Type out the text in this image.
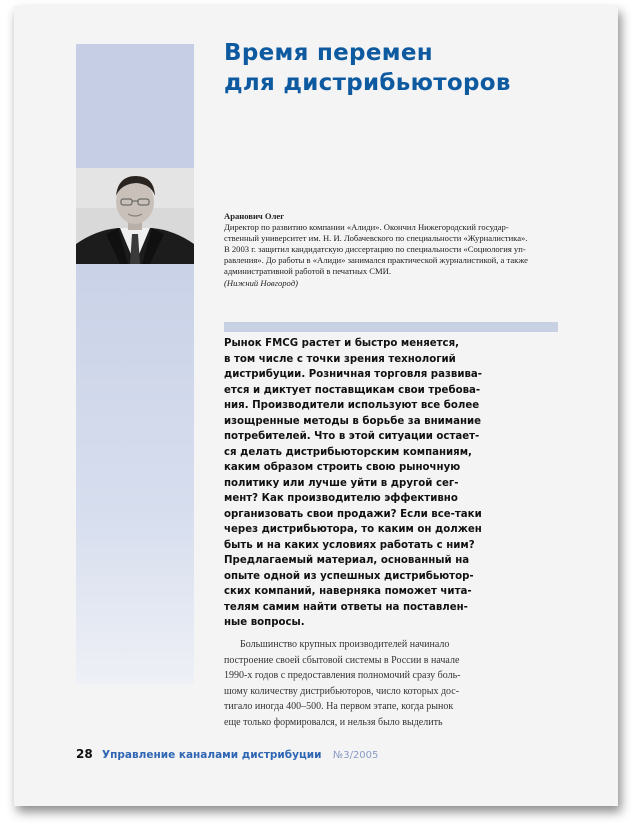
Время перемен
для дистрибьюторов
Аранович Олег
Директор по развитию компании «Алиди». Окончил Нижегородский государ-
ственный университет им. Н. И. Лобачевского по специальности «Журналистика».
В 2003 г. защитил кандидатскую диссертацию по специальности «Социология уп-
равления». До работы в «Алиди» занимался практической журналистикой, а также
административной работой в печатных СМИ.
(Нижний Новгород)
Рынок FMCG растет и быстро меняется,
в том числе с точки зрения технологий
дистрибуции. Розничная торговля развива-
ется и диктует поставщикам свои требова-
ния. Производители используют все более
изощренные методы в борьбе за внимание
потребителей. Что в этой ситуации остает-
ся делать дистрибьюторским компаниям,
каким образом строить свою рыночную
политику или лучше уйти в другой сег-
мент? Как производителю эффективно
организовать свои продажи? Если все-таки
через дистрибьютора, то каким он должен
быть и на каких условиях работать с ним?
Предлагаемый материал, основанный на
опыте одной из успешных дистрибьютор-
ских компаний, наверняка поможет чита-
телям самим найти ответы на поставлен-
ные вопросы.
Большинство крупных производителей начинало
построение своей сбытовой системы в России в начале
1990-х годов с предоставления полномочий сразу боль-
шому количеству дистрибьюторов, число которых дос-
тигало иногда 400–500. На первом этапе, когда рынок
еще только формировался, и нельзя было выделить
28 Управление каналами дистрибуции №3/2005
